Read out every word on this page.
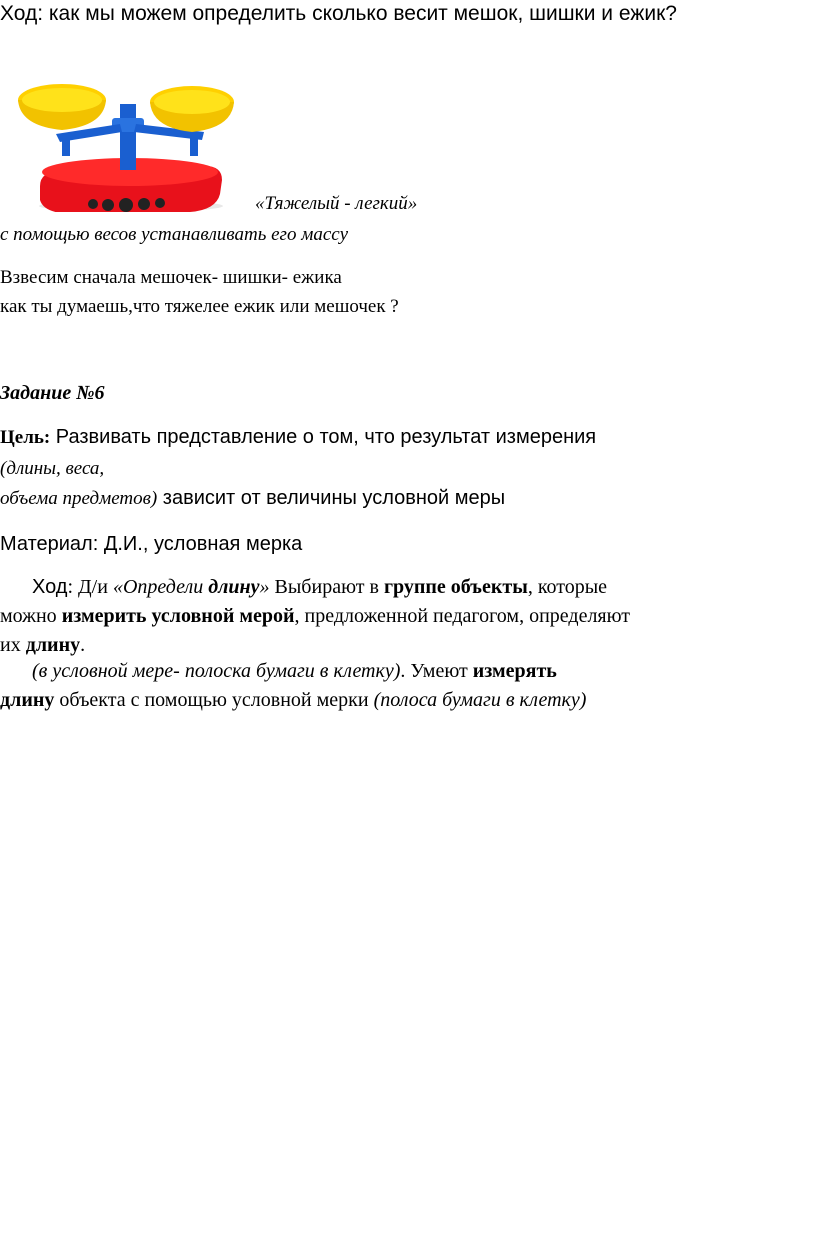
Ход: как мы можем определить сколько весит мешок, шишки и ежик?
«Тяжелый - легкий»
с помощью весов устанавливать его массу
Взвесим сначала мешочек- шишки- ежика
как ты думаешь,что тяжелее ежик или мешочек ?
Задание №6
Цель: Развивать представление о том, что результат измерения
(длины, веса,
объема предметов) зависит от величины условной меры
Материал: Д.И., условная мерка
Ход: Д/и «Определи длину» Выбирают в группе объекты, которые
можно измерить условной мерой, предложенной педагогом, определяют
их длину.
(в условной мере- полоска бумаги в клетку). Умеют измерять
длину объекта с помощью условной мерки (полоса бумаги в клетку)
